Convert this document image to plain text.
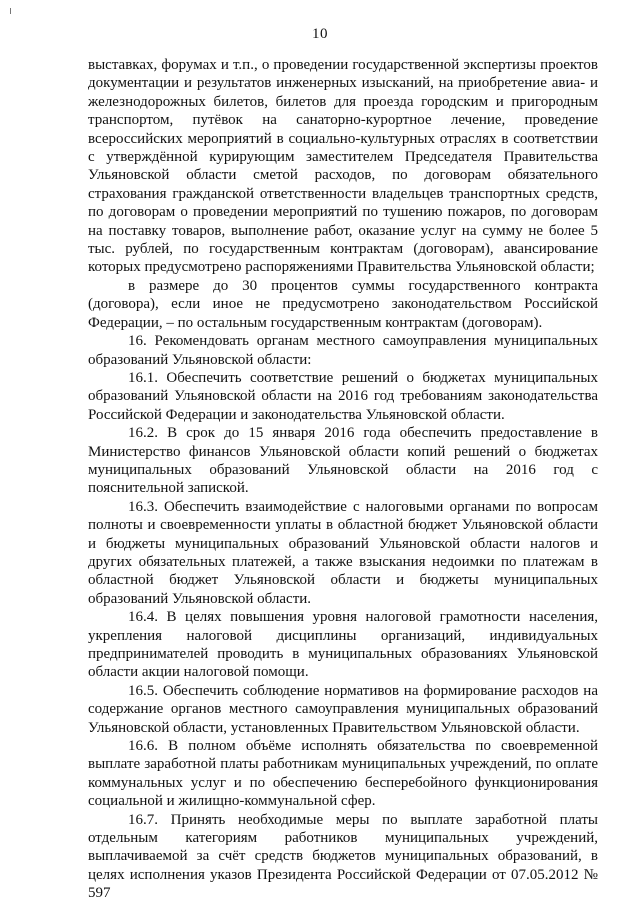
10

выставках, форумах и т.п., о проведении государственной экспертизы проектов документации и результатов инженерных изысканий, на приобретение авиа- и железнодорожных билетов, билетов для проезда городским и пригородным транспортом, путёвок на санаторно-курортное лечение, проведение всероссийских мероприятий в социально-культурных отраслях в соответствии с утверждённой курирующим заместителем Председателя Правительства Ульяновской области сметой расходов, по договорам обязательного страхования гражданской ответственности владельцев транспортных средств, по договорам о проведении мероприятий по тушению пожаров, по договорам на поставку товаров, выполнение работ, оказание услуг на сумму не более 5 тыс. рублей, по государственным контрактам (договорам), авансирование которых предусмотрено распоряжениями Правительства Ульяновской области;

в размере до 30 процентов суммы государственного контракта (договора), если иное не предусмотрено законодательством Российской Федерации, – по остальным государственным контрактам (договорам).

16. Рекомендовать органам местного самоуправления муниципальных образований Ульяновской области:

16.1. Обеспечить соответствие решений о бюджетах муниципальных образований Ульяновской области на 2016 год требованиям законодательства Российской Федерации и законодательства Ульяновской области.

16.2. В срок до 15 января 2016 года обеспечить предоставление в Министерство финансов Ульяновской области копий решений о бюджетах муниципальных образований Ульяновской области на 2016 год с пояснительной запиской.

16.3. Обеспечить взаимодействие с налоговыми органами по вопросам полноты и своевременности уплаты в областной бюджет Ульяновской области и бюджеты муниципальных образований Ульяновской области налогов и других обязательных платежей, а также взыскания недоимки по платежам в областной бюджет Ульяновской области и бюджеты муниципальных образований Ульяновской области.

16.4. В целях повышения уровня налоговой грамотности населения, укрепления налоговой дисциплины организаций, индивидуальных предпринимателей проводить в муниципальных образованиях Ульяновской области акции налоговой помощи.

16.5. Обеспечить соблюдение нормативов на формирование расходов на содержание органов местного самоуправления муниципальных образований Ульяновской области, установленных Правительством Ульяновской области.

16.6. В полном объёме исполнять обязательства по своевременной выплате заработной платы работникам муниципальных учреждений, по оплате коммунальных услуг и по обеспечению бесперебойного функционирования социальной и жилищно-коммунальной сфер.

16.7. Принять необходимые меры по выплате заработной платы отдельным категориям работников муниципальных учреждений, выплачиваемой за счёт средств бюджетов муниципальных образований, в целях исполнения указов Президента Российской Федерации от 07.05.2012 № 597
